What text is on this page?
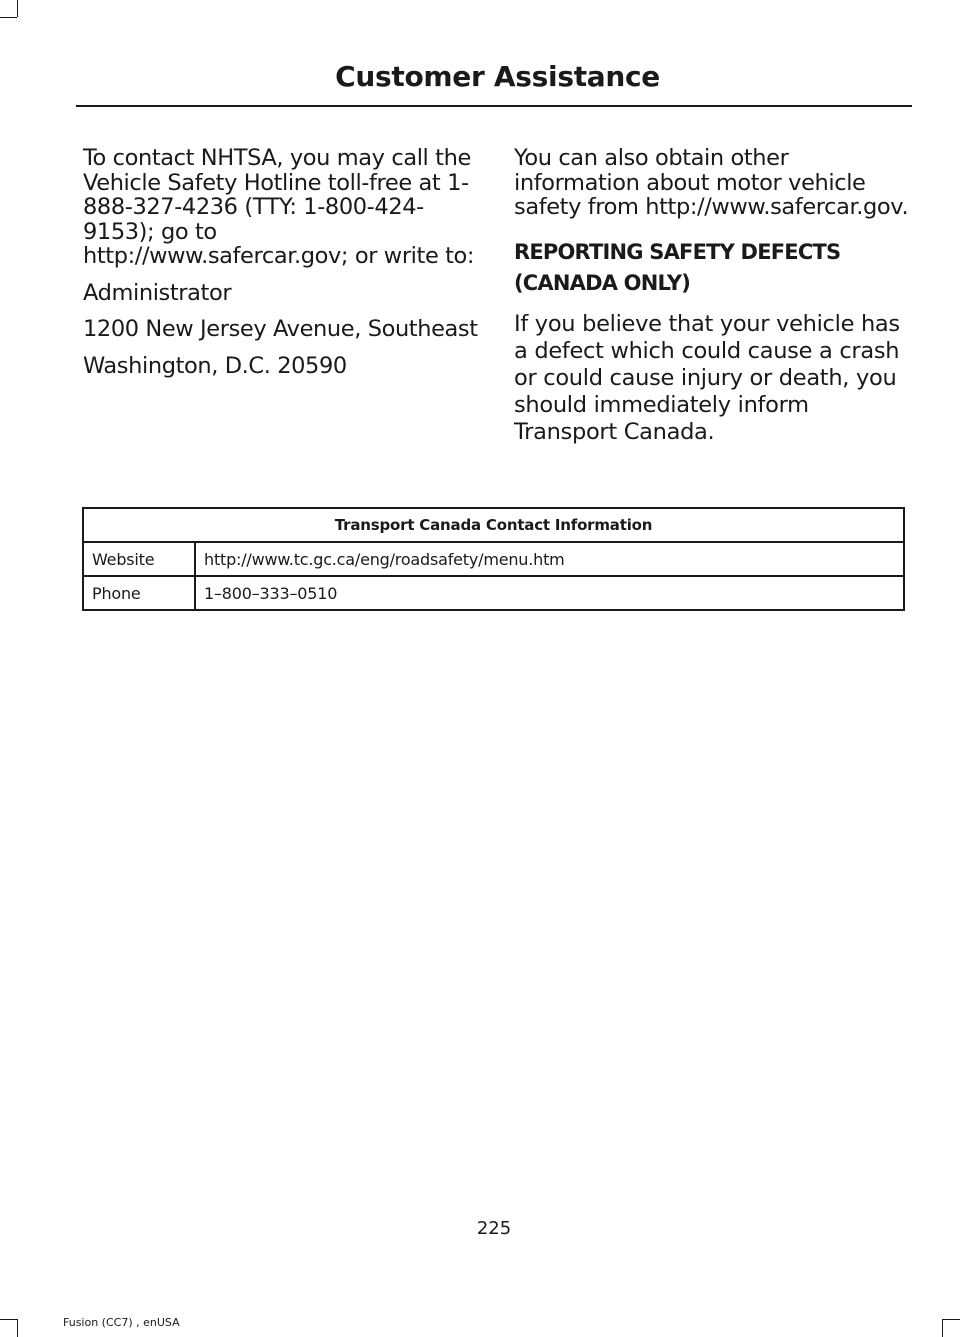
Customer Assistance

To contact NHTSA, you may call the Vehicle Safety Hotline toll-free at 1-888-327-4236 (TTY: 1-800-424-9153); go to http://www.safercar.gov; or write to:

Administrator

1200 New Jersey Avenue, Southeast

Washington, D.C. 20590

You can also obtain other information about motor vehicle safety from http://www.safercar.gov.

REPORTING SAFETY DEFECTS
(CANADA ONLY)

If you believe that your vehicle has a defect which could cause a crash or could cause injury or death, you should immediately inform Transport Canada.

Transport Canada Contact Information	
Website	http://www.tc.gc.ca/eng/roadsafety/menu.htm
Phone	1–800–333–0510
225
Fusion (CC7) , enUSA
